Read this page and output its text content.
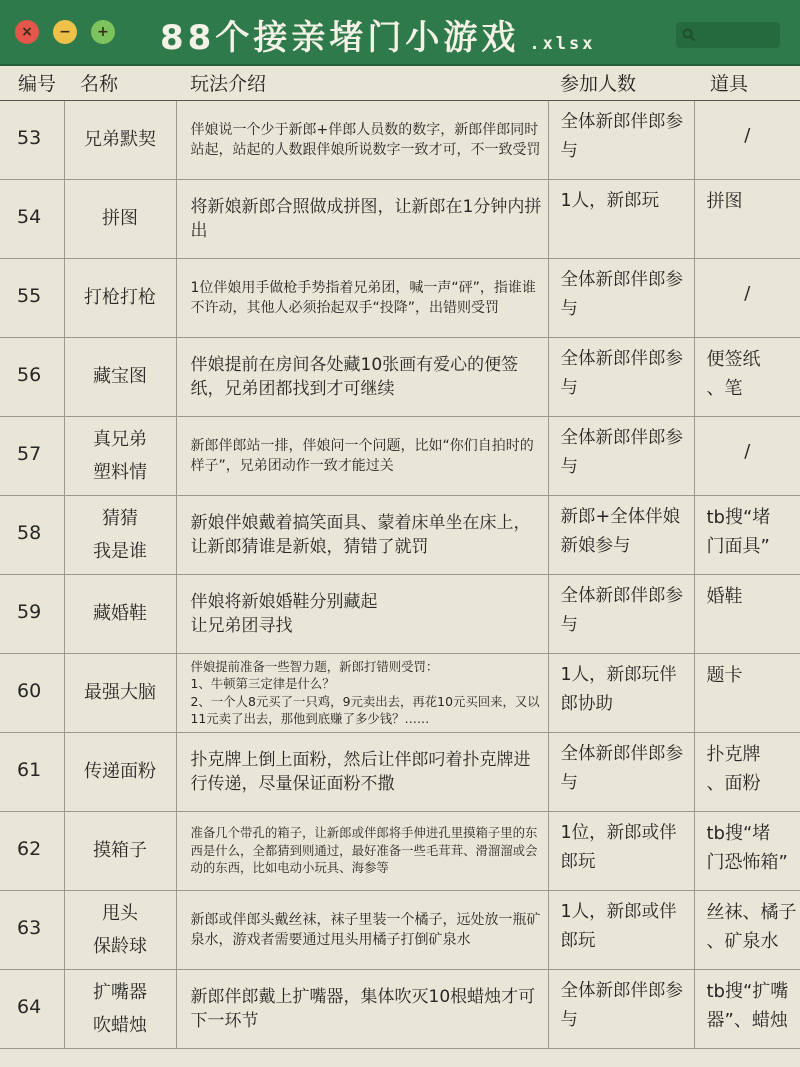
× − + 88个接亲堵门小游戏 .xlsx
编号	名称	玩法介绍	参加人数	道具
53	兄弟默契	伴娘说一个少于新郎+伴郎人员数的数字，新郎伴郎同时站起，站起的人数跟伴娘所说数字一致才可，不一致受罚	全体新郎伴郎参与	/
54	拼图	将新娘新郎合照做成拼图，让新郎在1分钟内拼出	1人，新郎玩	拼图
55	打枪打枪	1位伴娘用手做枪手势指着兄弟团，喊一声“砰”，指谁谁不许动，其他人必须抬起双手“投降”，出错则受罚	全体新郎伴郎参与	/
56	藏宝图	伴娘提前在房间各处藏10张画有爱心的便签纸，兄弟团都找到才可继续	全体新郎伴郎参与	便签纸
、笔
57	真兄弟
塑料情	新郎伴郎站一排，伴娘问一个问题，比如“你们自拍时的样子”，兄弟团动作一致才能过关	全体新郎伴郎参与	/
58	猜猜
我是谁	新娘伴娘戴着搞笑面具、蒙着床单坐在床上，让新郎猜谁是新娘，猜错了就罚	新郎+全体伴娘新娘参与	tb搜“堵
门面具”
59	藏婚鞋	伴娘将新娘婚鞋分别藏起
让兄弟团寻找	全体新郎伴郎参与	婚鞋
60	最强大脑	伴娘提前准备一些智力题，新郎打错则受罚：
1、牛顿第三定律是什么？
2、一个人8元买了一只鸡，9元卖出去，再花10元买回来，又以11元卖了出去，那他到底赚了多少钱？……	1人，新郎玩伴郎协助	题卡
61	传递面粉	扑克牌上倒上面粉，然后让伴郎叼着扑克牌进行传递，尽量保证面粉不撒	全体新郎伴郎参与	扑克牌
、面粉
62	摸箱子	准备几个带孔的箱子，让新郎或伴郎将手伸进孔里摸箱子里的东西是什么，全都猜到则通过，最好准备一些毛茸茸、滑溜溜或会动的东西，比如电动小玩具、海参等	1位，新郎或伴郎玩	tb搜“堵
门恐怖箱”
63	甩头
保龄球	新郎或伴郎头戴丝袜，袜子里装一个橘子，远处放一瓶矿泉水，游戏者需要通过甩头用橘子打倒矿泉水	1人，新郎或伴郎玩	丝袜、橘子
、矿泉水
64	扩嘴器
吹蜡烛	新郎伴郎戴上扩嘴器，集体吹灭10根蜡烛才可下一环节	全体新郎伴郎参与	tb搜“扩嘴
器”、蜡烛
